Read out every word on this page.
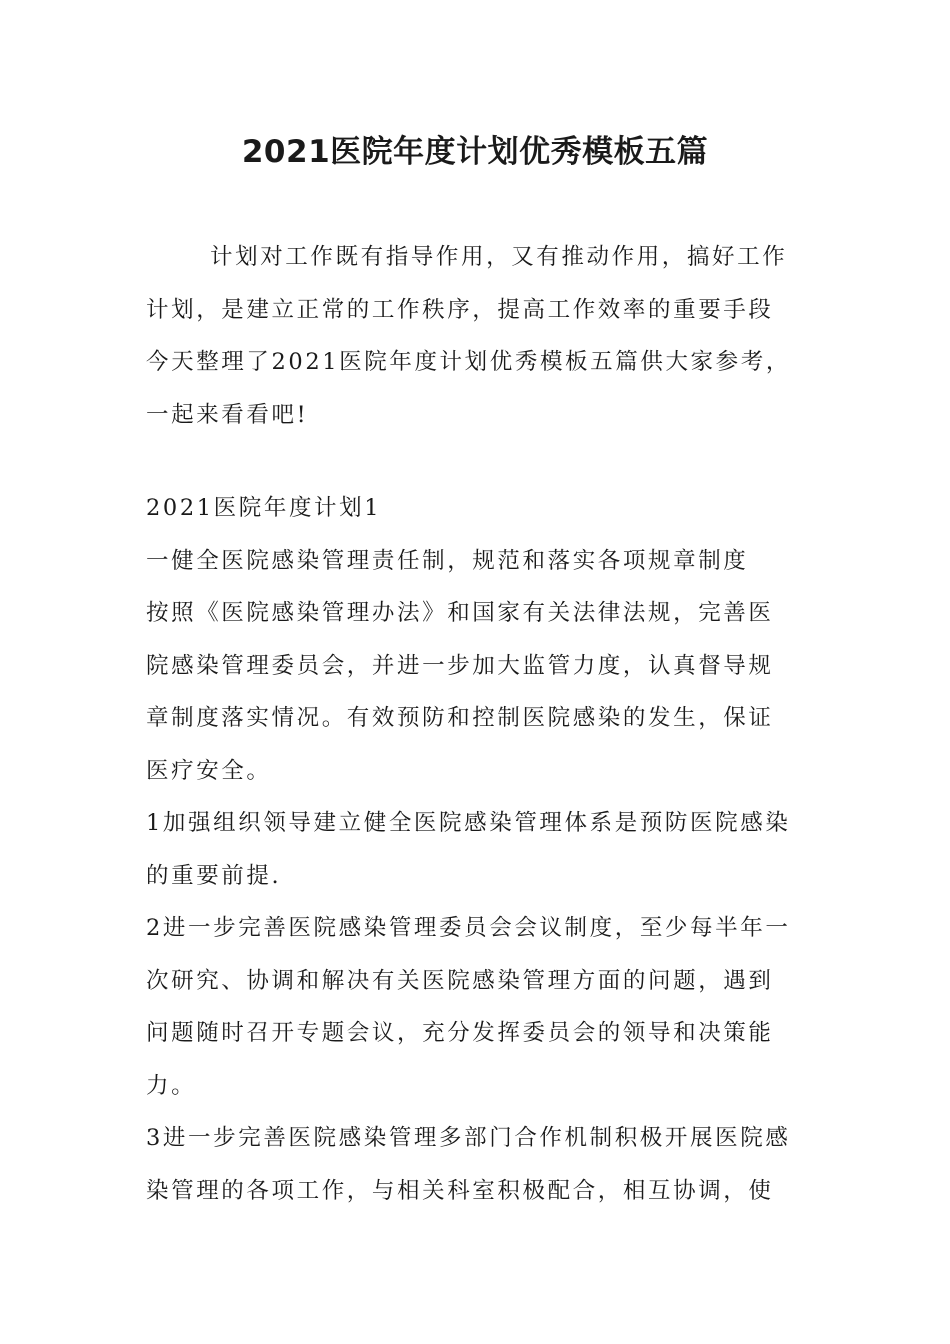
2021医院年度计划优秀模板五篇
计划对工作既有指导作用，又有推动作用，搞好工作
计划，是建立正常的工作秩序，提高工作效率的重要手段
今天整理了2021医院年度计划优秀模板五篇供大家参考，
一起来看看吧!
2021医院年度计划1
一健全医院感染管理责任制，规范和落实各项规章制度
按照《医院感染管理办法》和国家有关法律法规，完善医
院感染管理委员会，并进一步加大监管力度，认真督导规
章制度落实情况。有效预防和控制医院感染的发生，保证
医疗安全。
1加强组织领导建立健全医院感染管理体系是预防医院感染
的重要前提.
2进一步完善医院感染管理委员会会议制度，至少每半年一
次研究、协调和解决有关医院感染管理方面的问题，遇到
问题随时召开专题会议，充分发挥委员会的领导和决策能
力。
3进一步完善医院感染管理多部门合作机制积极开展医院感
染管理的各项工作，与相关科室积极配合，相互协调，使
